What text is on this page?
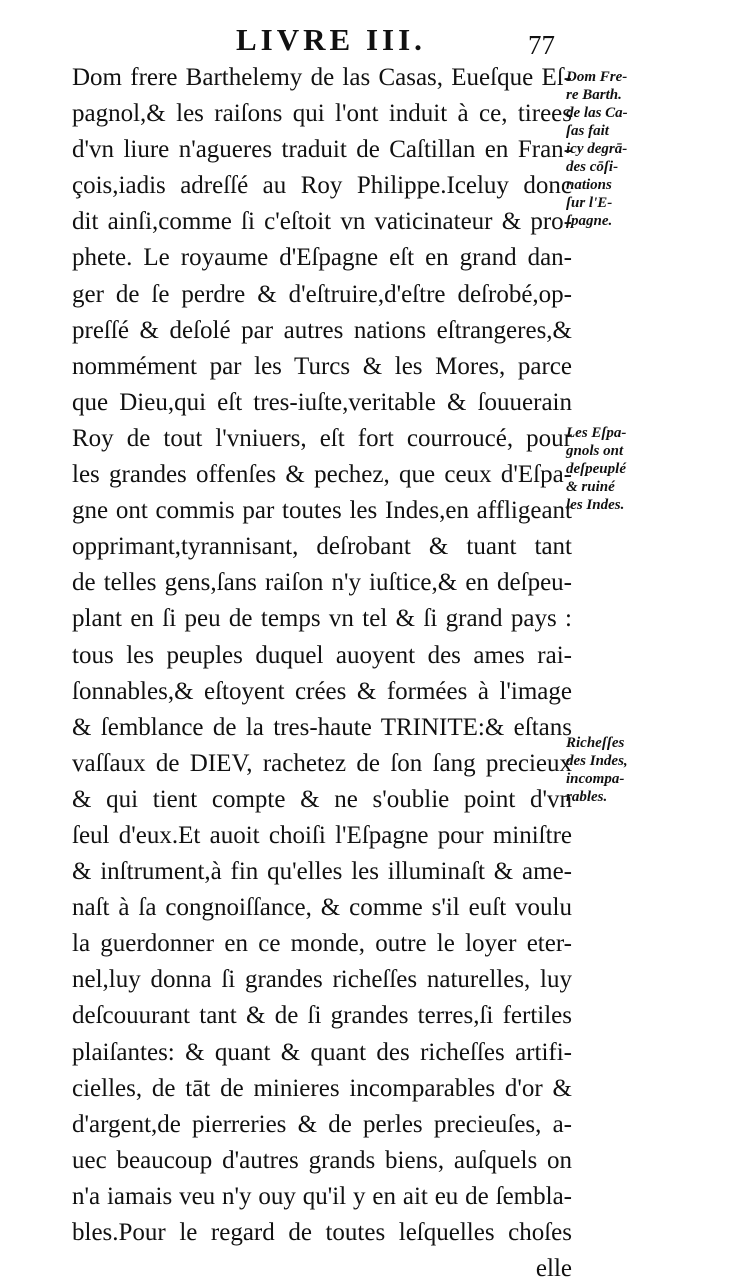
LIVRE III.	77
Dom frere Barthelemy de las Casas, Eueſque Eſ-
pagnol,& les raiſons qui l'ont induit à ce, tirees
d'vn liure n'agueres traduit de Caſtillan en Fran-
çois,iadis adreſſé au Roy Philippe.Iceluy donc
dit ainſi,comme ſi c'eſtoit vn vaticinateur & pro-
phete. Le royaume d'Eſpagne eſt en grand dan-
ger de ſe perdre & d'eſtruire,d'eſtre deſrobé,op-
preſſé & deſolé par autres nations eſtrangeres,&
nommément par les Turcs & les Mores, parce
que Dieu,qui eſt tres-iuſte,veritable & ſouuerain
Roy de tout l'vniuers, eſt fort courroucé, pour
les grandes offenſes & pechez, que ceux d'Eſpa-
gne ont commis par toutes les Indes,en affligeant
opprimant,tyrannisant, deſrobant & tuant tant
de telles gens,ſans raiſon n'y iuſtice,& en deſpeu-
plant en ſi peu de temps vn tel & ſi grand pays :
tous les peuples duquel auoyent des ames rai-
ſonnables,& eſtoyent crées & formées à l'image
& ſemblance de la tres-haute TRINITE:& eſtans
vaſſaux de DIEV, rachetez de ſon ſang precieux
& qui tient compte & ne s'oublie point d'vn
ſeul d'eux.Et auoit choiſi l'Eſpagne pour miniſtre
& inſtrument,à fin qu'elles les illuminaſt & ame-
naſt à ſa congnoiſſance, & comme s'il euſt voulu
la guerdonner en ce monde, outre le loyer eter-
nel,luy donna ſi grandes richeſſes naturelles, luy
deſcouurant tant & de ſi grandes terres,ſi fertiles
plaiſantes: & quant & quant des richeſſes artifi-
cielles, de tāt de minieres incomparables d'or &
d'argent,de pierreries & de perles precieuſes, a-
uec beaucoup d'autres grands biens, auſquels on
n'a iamais veu n'y ouy qu'il y en ait eu de ſembla-
bles.Pour le regard de toutes leſquelles choſes
elle
Dom Fre-
re Barth.
de las Ca-
ſas fait
icy degrā-
des cōſi-
nations
ſur l'E-
ſpagne.
Les Eſpa-
gnols ont
deſpeuplé
& ruiné
les Indes.
Richeſſes
des Indes,
incompa-
rables.
